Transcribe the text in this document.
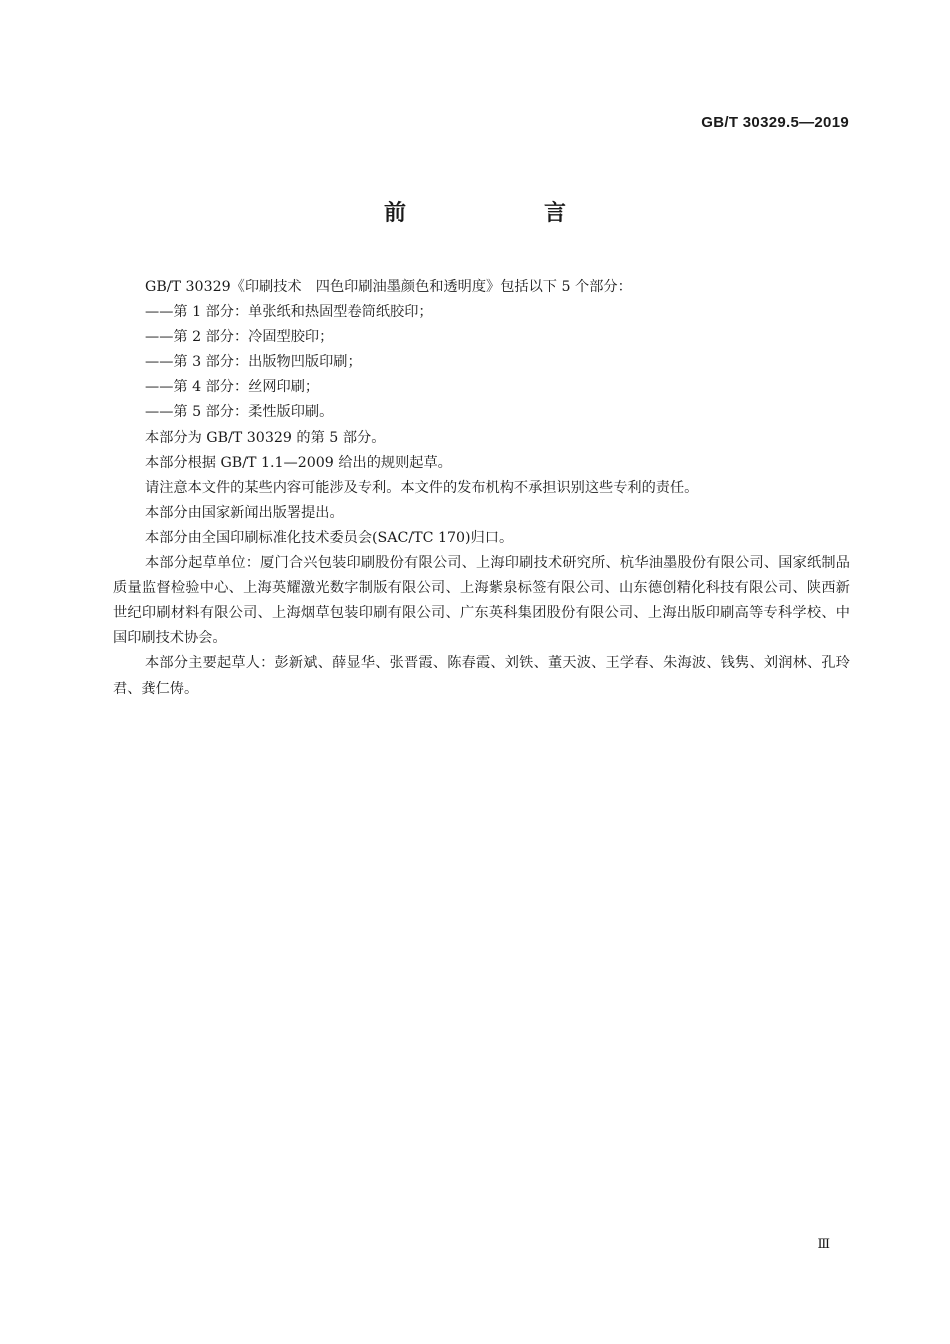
GB/T 30329.5—2019
前　言

GB/T 30329《印刷技术　四色印刷油墨颜色和透明度》包括以下 5 个部分：

——第 1 部分：单张纸和热固型卷筒纸胶印；

——第 2 部分：冷固型胶印；

——第 3 部分：出版物凹版印刷；

——第 4 部分：丝网印刷；

——第 5 部分：柔性版印刷。

本部分为 GB/T 30329 的第 5 部分。

本部分根据 GB/T 1.1—2009 给出的规则起草。

请注意本文件的某些内容可能涉及专利。本文件的发布机构不承担识别这些专利的责任。

本部分由国家新闻出版署提出。

本部分由全国印刷标准化技术委员会(SAC/TC 170)归口。

本部分起草单位：厦门合兴包装印刷股份有限公司、上海印刷技术研究所、杭华油墨股份有限公司、国家纸制品质量监督检验中心、上海英耀激光数字制版有限公司、上海紫泉标签有限公司、山东德创精化科技有限公司、陕西新世纪印刷材料有限公司、上海烟草包装印刷有限公司、广东英科集团股份有限公司、上海出版印刷高等专科学校、中国印刷技术协会。

本部分主要起草人：彭新斌、薛显华、张晋霞、陈春霞、刘铁、董天波、王学春、朱海波、钱隽、刘润林、孔玲君、龚仁俦。

Ⅲ
